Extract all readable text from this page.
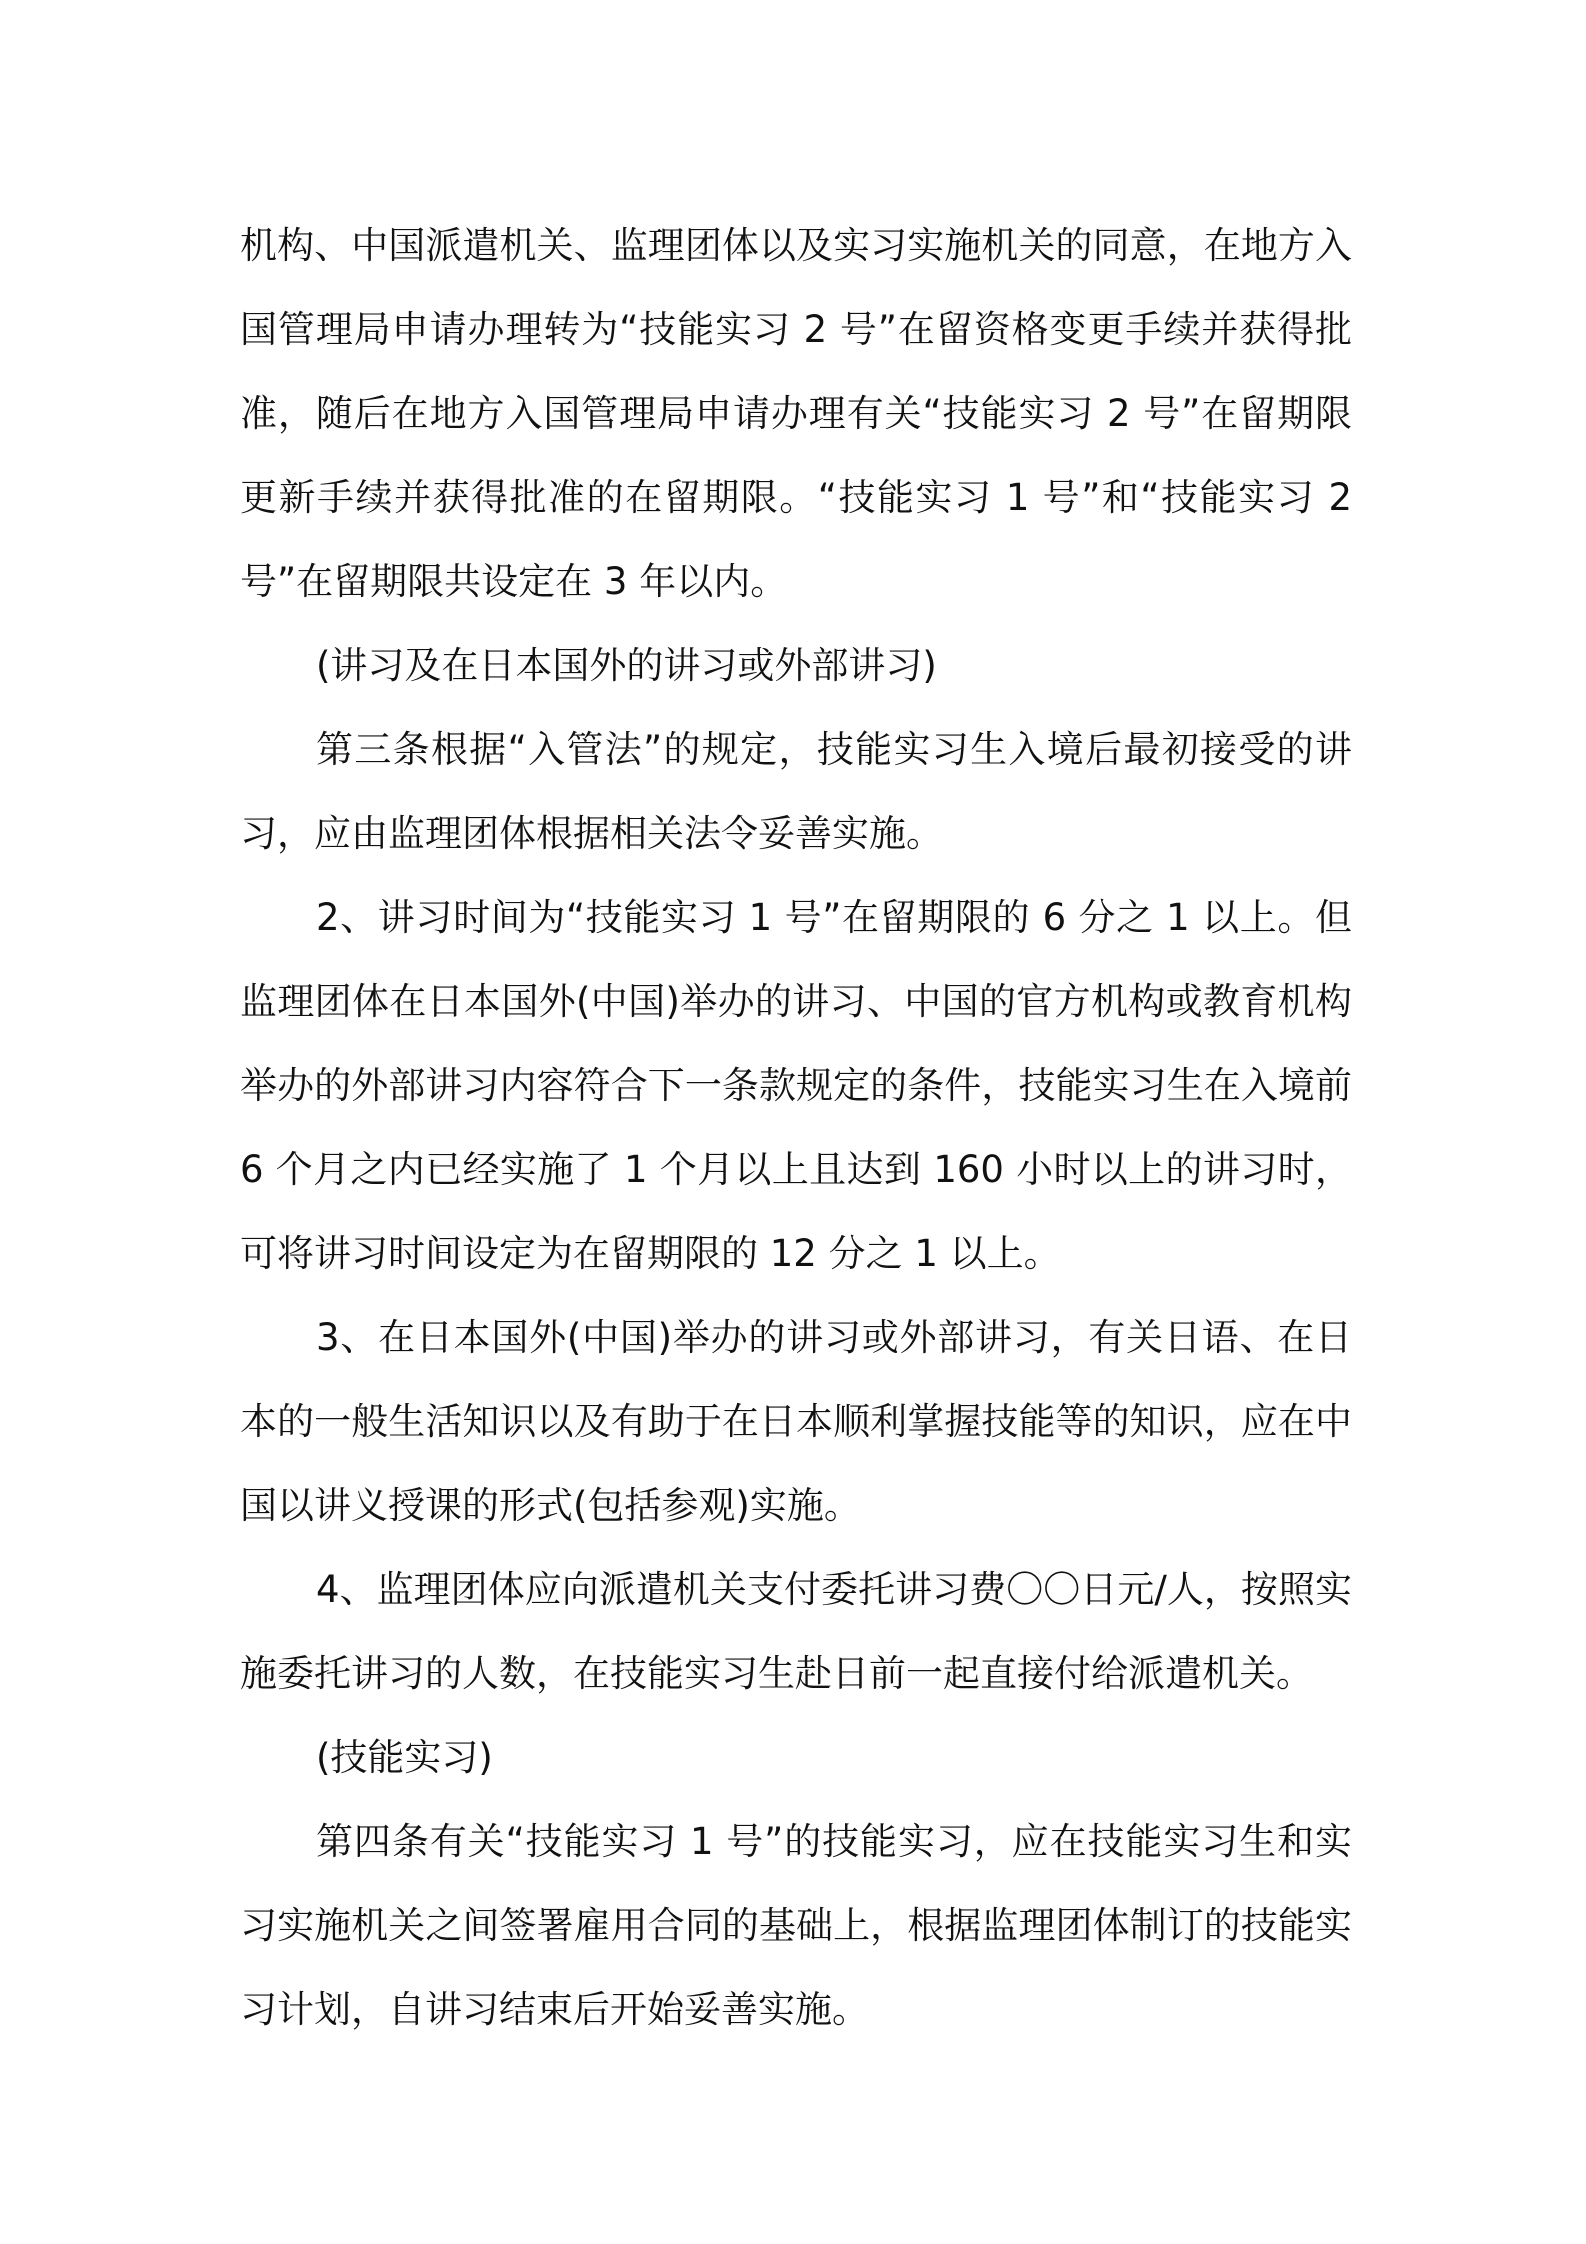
机构、中国派遣机关、监理团体以及实习实施机关的同意，在地方入国管理局申请办理转为“技能实习 2 号”在留资格变更手续并获得批准，随后在地方入国管理局申请办理有关“技能实习 2 号”在留期限更新手续并获得批准的在留期限。“技能实习 1 号”和“技能实习 2 号”在留期限共设定在 3 年以内。

(讲习及在日本国外的讲习或外部讲习)

第三条根据“入管法”的规定，技能实习生入境后最初接受的讲习，应由监理团体根据相关法令妥善实施。

2、讲习时间为“技能实习 1 号”在留期限的 6 分之 1 以上。但监理团体在日本国外(中国)举办的讲习、中国的官方机构或教育机构举办的外部讲习内容符合下一条款规定的条件，技能实习生在入境前 6 个月之内已经实施了 1 个月以上且达到 160 小时以上的讲习时，可将讲习时间设定为在留期限的 12 分之 1 以上。

3、在日本国外(中国)举办的讲习或外部讲习，有关日语、在日本的一般生活知识以及有助于在日本顺利掌握技能等的知识，应在中国以讲义授课的形式(包括参观)实施。

4、监理团体应向派遣机关支付委托讲习费〇〇日元/人，按照实施委托讲习的人数，在技能实习生赴日前一起直接付给派遣机关。

(技能实习)

第四条有关“技能实习 1 号”的技能实习，应在技能实习生和实习实施机关之间签署雇用合同的基础上，根据监理团体制订的技能实习计划，自讲习结束后开始妥善实施。
